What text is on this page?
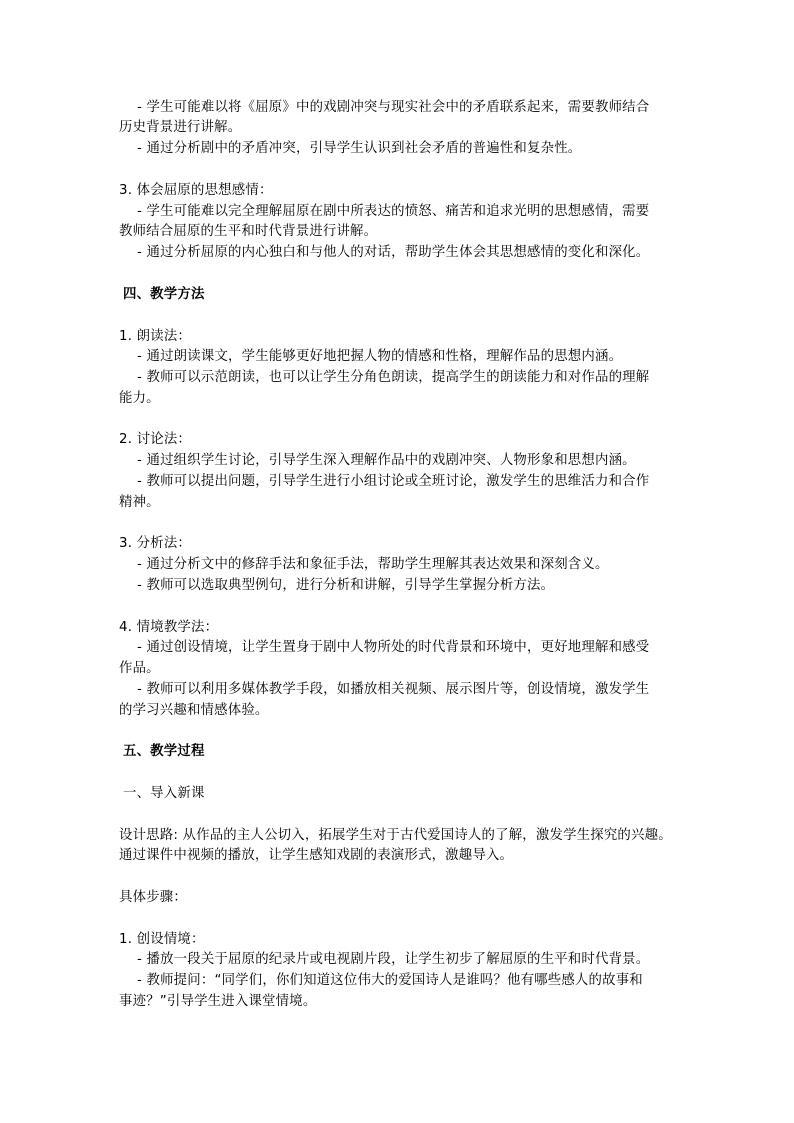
- 学生可能难以将《屈原》中的戏剧冲突与现实社会中的矛盾联系起来，需要教师结合

历史背景进行讲解。

- 通过分析剧中的矛盾冲突，引导学生认识到社会矛盾的普遍性和复杂性。

3. 体会屈原的思想感情：

- 学生可能难以完全理解屈原在剧中所表达的愤怒、痛苦和追求光明的思想感情，需要

教师结合屈原的生平和时代背景进行讲解。

- 通过分析屈原的内心独白和与他人的对话，帮助学生体会其思想感情的变化和深化。

四、教学方法

1. 朗读法：

- 通过朗读课文，学生能够更好地把握人物的情感和性格，理解作品的思想内涵。

- 教师可以示范朗读，也可以让学生分角色朗读，提高学生的朗读能力和对作品的理解

能力。

2. 讨论法：

- 通过组织学生讨论，引导学生深入理解作品中的戏剧冲突、人物形象和思想内涵。

- 教师可以提出问题，引导学生进行小组讨论或全班讨论，激发学生的思维活力和合作

精神。

3. 分析法：

- 通过分析文中的修辞手法和象征手法，帮助学生理解其表达效果和深刻含义。

- 教师可以选取典型例句，进行分析和讲解，引导学生掌握分析方法。

4. 情境教学法：

- 通过创设情境，让学生置身于剧中人物所处的时代背景和环境中，更好地理解和感受

作品。

- 教师可以利用多媒体教学手段，如播放相关视频、展示图片等，创设情境，激发学生

的学习兴趣和情感体验。

五、教学过程

一、导入新课

设计思路: 从作品的主人公切入，拓展学生对于古代爱国诗人的了解，激发学生探究的兴趣。

通过课件中视频的播放，让学生感知戏剧的表演形式，激趣导入。

具体步骤：

1. 创设情境：

- 播放一段关于屈原的纪录片或电视剧片段，让学生初步了解屈原的生平和时代背景。

- 教师提问：“同学们，你们知道这位伟大的爱国诗人是谁吗？他有哪些感人的故事和

事迹？”引导学生进入课堂情境。
